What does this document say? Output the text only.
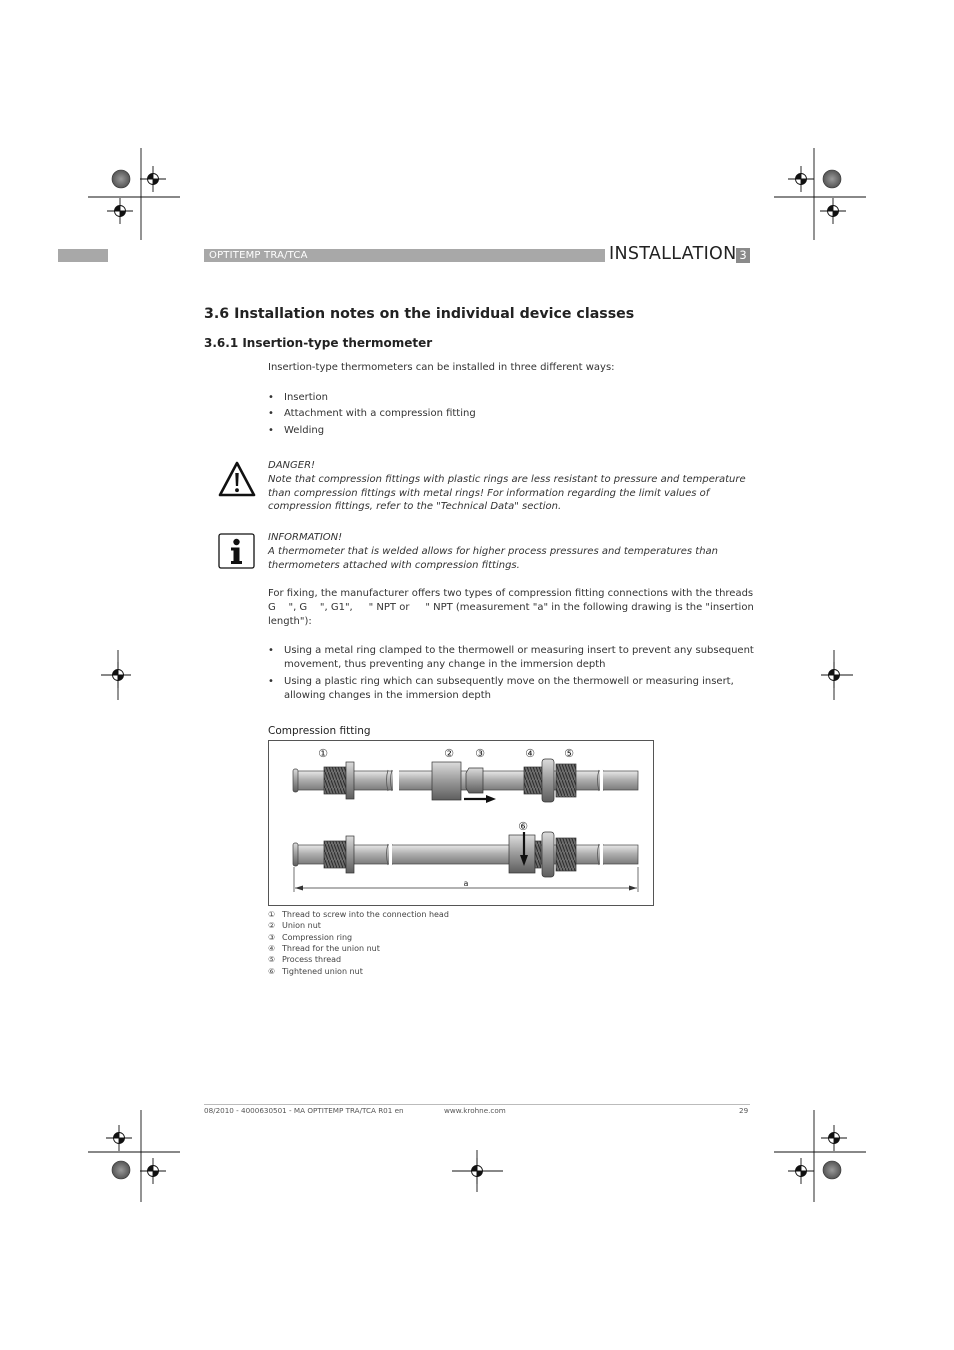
OPTITEMP TRA/TCA	INSTALLATION 3
3.6 Installation notes on the individual device classes
3.6.1 Insertion-type thermometer
Insertion-type thermometers can be installed in three different ways:
• Insertion
• Attachment with a compression fitting
• Welding
DANGER!
Note that compression fittings with plastic rings are less resistant to pressure and temperature than compression fittings with metal rings! For information regarding the limit values of compression fittings, refer to the "Technical Data" section.
INFORMATION!
A thermometer that is welded allows for higher process pressures and temperatures than thermometers attached with compression fittings.
For fixing, the manufacturer offers two types of compression fitting connections with the threads
G    ", G    ", G1",     " NPT or     " NPT (measurement "a" in the following drawing is the "insertion
length"):
• Using a metal ring clamped to the thermowell or measuring insert to prevent any subsequent movement, thus preventing any change in the immersion depth
• Using a plastic ring which can subsequently move on the thermowell or measuring insert, allowing changes in the immersion depth
Compression fitting
a
①	② ③	④	⑤
⑥
① Thread to screw into the connection head
② Union nut
③ Compression ring
④ Thread for the union nut
⑤ Process thread
⑥ Tightened union nut
08/2010 - 4000630501 - MA OPTITEMP TRA/TCA R01 en	www.krohne.com	29
